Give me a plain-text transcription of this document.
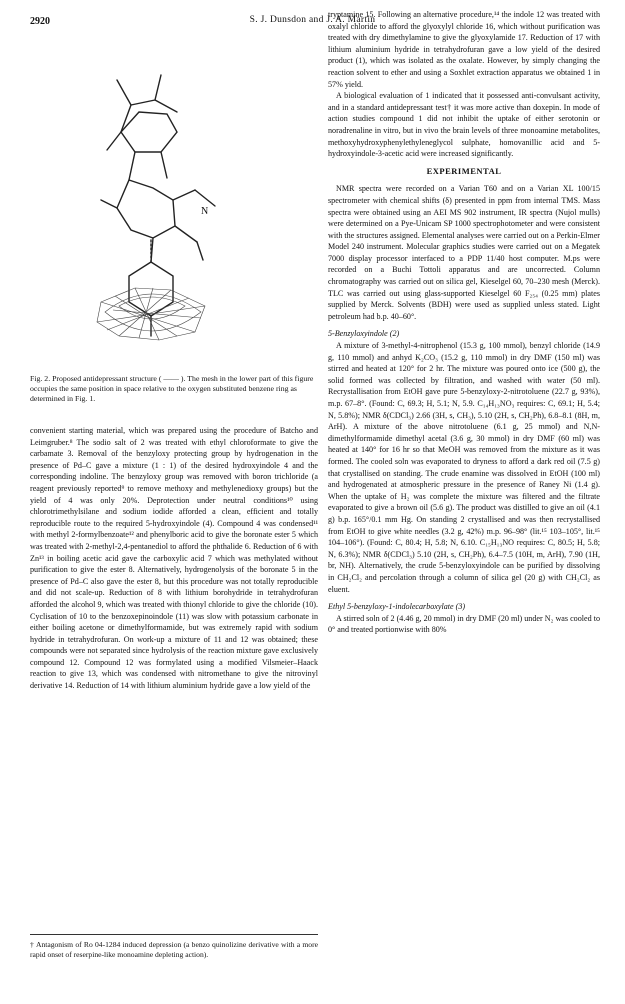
2920	S. J. Dunsdon and J. A. Martin
N
Fig. 2. Proposed antidepressant structure ( —— ). The mesh in the lower part of this figure occupies the same position in space relative to the oxygen substituted benzene ring as determined in Fig. 1.

convenient starting material, which was prepared using the procedure of Batcho and Leimgruber.⁸ The sodio salt of 2 was treated with ethyl chloroformate to give the carbamate 3. Removal of the benzyloxy protecting group by hydrogenation in the presence of Pd–C gave a mixture (1 : 1) of the desired hydroxyindole 4 and the corresponding indoline. The benzyloxy group was removed with boron trichloride (a reagent previously reported⁹ to remove methoxy and methylenedioxy groups) but the yield of 4 was only 20%. Deprotection under neutral conditions¹⁰ using chlorotrimethylsilane and sodium iodide afforded a clean, efficient and totally reproducible route to the required 5-hydroxyindole (4). Compound 4 was condensed¹¹ with methyl 2-formylbenzoate¹² and phenylboric acid to give the boronate ester 5 which was treated with 2-methyl-2,4-pentanediol to afford the phthalide 6. Reduction of 6 with Zn¹³ in boiling acetic acid gave the carboxylic acid 7 which was methylated without purification to give the ester 8. Alternatively, hydrogenolysis of the boronate 5 in the presence of Pd–C also gave the ester 8, but this procedure was not totally reproducible and did not scale-up. Reduction of 8 with lithium borohydride in tetrahydrofuran afforded the alcohol 9, which was treated with thionyl chloride to give the chloride (10). Cyclisation of 10 to the benzoxepinoindole (11) was slow with potassium carbonate in either boiling acetone or dimethylformamide, but was extremely rapid with sodium hydride in tetrahydrofuran. On work-up a mixture of 11 and 12 was obtained; these compounds were not separated since hydrolysis of the reaction mixture gave exclusively compound 12. Compound 12 was formylated using a modified Vilsmeier–Haack reaction to give 13, which was condensed with nitromethane to give the nitrovinyl derivative 14. Reduction of 14 with lithium aluminium hydride gave a low yield of the

tryptamine 15. Following an alternative procedure,¹⁴ the indole 12 was treated with oxalyl chloride to afford the glyoxylyl chloride 16, which without purification was treated with dry dimethylamine to give the glyoxylamide 17. Reduction of 17 with lithium aluminium hydride in tetrahydrofuran gave a low yield of the desired product (1), which was isolated as the oxalate. However, by simply changing the reaction solvent to ether and using a Soxhlet extraction apparatus we obtained 1 in 57% yield.

A biological evaluation of 1 indicated that it possessed anti-convulsant activity, and in a standard antidepressant test† it was more active than doxepin. In mode of action studies compound 1 did not inhibit the uptake of either serotonin or noradrenaline in vitro, but in vivo the brain levels of three monoamine metabolites, methoxyhydroxyphenylethyleneglycol sulphate, homovanillic acid and 5-hydroxyindole-3-acetic acid were increased significantly.

EXPERIMENTAL

NMR spectra were recorded on a Varian T60 and on a Varian XL 100/15 spectrometer with chemical shifts (δ) presented in ppm from internal TMS. Mass spectra were obtained using an AEI MS 902 instrument, IR spectra (Nujol mulls) were determined on a Pye-Unicam SP 1000 spectrophotometer and were consistent with the structures assigned. Elemental analyses were carried out on a Perkin-Elmer Model 240 instrument. Molecular graphics studies were carried out on a Megatek 7000 display processor interfaced to a PDP 11/40 host computer. M.ps were recorded on a Buchi Tottoli apparatus and are uncorrected. Column chromatography was carried out on silica gel, Kieselgel 60, 70–230 mesh (Merck). TLC was carried out using glass-supported Kieselgel 60 F₂₅₄ (0.25 mm) plates supplied by Merck. Solvents (BDH) were used as supplied unless stated. Light petroleum had b.p. 40–60°.

5-Benzyloxyindole (2)

A mixture of 3-methyl-4-nitrophenol (15.3 g, 100 mmol), benzyl chloride (14.9 g, 110 mmol) and anhyd K₂CO₃ (15.2 g, 110 mmol) in dry DMF (150 ml) was stirred and heated at 120° for 2 hr. The mixture was poured onto ice (500 g), the solid formed was collected by filtration, and washed with water (50 ml). Recrystallisation from EtOH gave pure 5-benzyloxy-2-nitrotoluene (22.7 g, 93%), m.p. 67–8°. (Found: C, 69.3; H, 5.1; N, 5.9. C₁₄H₁₃NO₃ requires: C, 69.1; H, 5.4; N, 5.8%); NMR δ(CDCl₃) 2.66 (3H, s, CH₃), 5.10 (2H, s, CH₂Ph), 6.8–8.1 (8H, m, ArH). A mixture of the above nitrotoluene (6.1 g, 25 mmol) and N,N-dimethylformamide dimethyl acetal (3.6 g, 30 mmol) in dry DMF (60 ml) was heated at 140° for 16 hr so that MeOH was removed from the mixture as it was formed. The cooled soln was evaporated to dryness to afford a dark red oil (7.5 g) that crystallised on standing. The crude enamine was dissolved in EtOH (100 ml) and hydrogenated at atmospheric pressure in the presence of Raney Ni (1.4 g). When the uptake of H₂ was complete the mixture was filtered and the filtrate evaporated to give a brown oil (5.6 g). The product was distilled to give an oil (4.1 g) b.p. 165°/0.1 mm Hg. On standing 2 crystallised and was then recrystallised from EtOH to give white needles (3.2 g, 42%) m.p. 96–98° (lit.¹⁵ 103–105°, lit.¹⁵ 104–106°). (Found: C, 80.4; H, 5.8; N, 6.10. C₁₅H₁₃NO requires: C, 80.5; H, 5.8; N, 6.3%); NMR δ(CDCl₃) 5.10 (2H, s, CH₂Ph), 6.4–7.5 (10H, m, ArH), 7.90 (1H, br, NH). Alternatively, the crude 5-benzyloxyindole can be purified by dissolving in CH₂Cl₂ and percolation through a column of silica gel (20 g) with CH₂Cl₂ as eluent.

Ethyl 5-benzyloxy-1-indolecarboxylate (3)

A stirred soln of 2 (4.46 g, 20 mmol) in dry DMF (20 ml) under N₂ was cooled to 0° and treated portionwise with 80%

† Antagonism of Ro 04-1284 induced depression (a benzo quinolizine derivative with a more rapid onset of reserpine-like monoamine depleting action).
